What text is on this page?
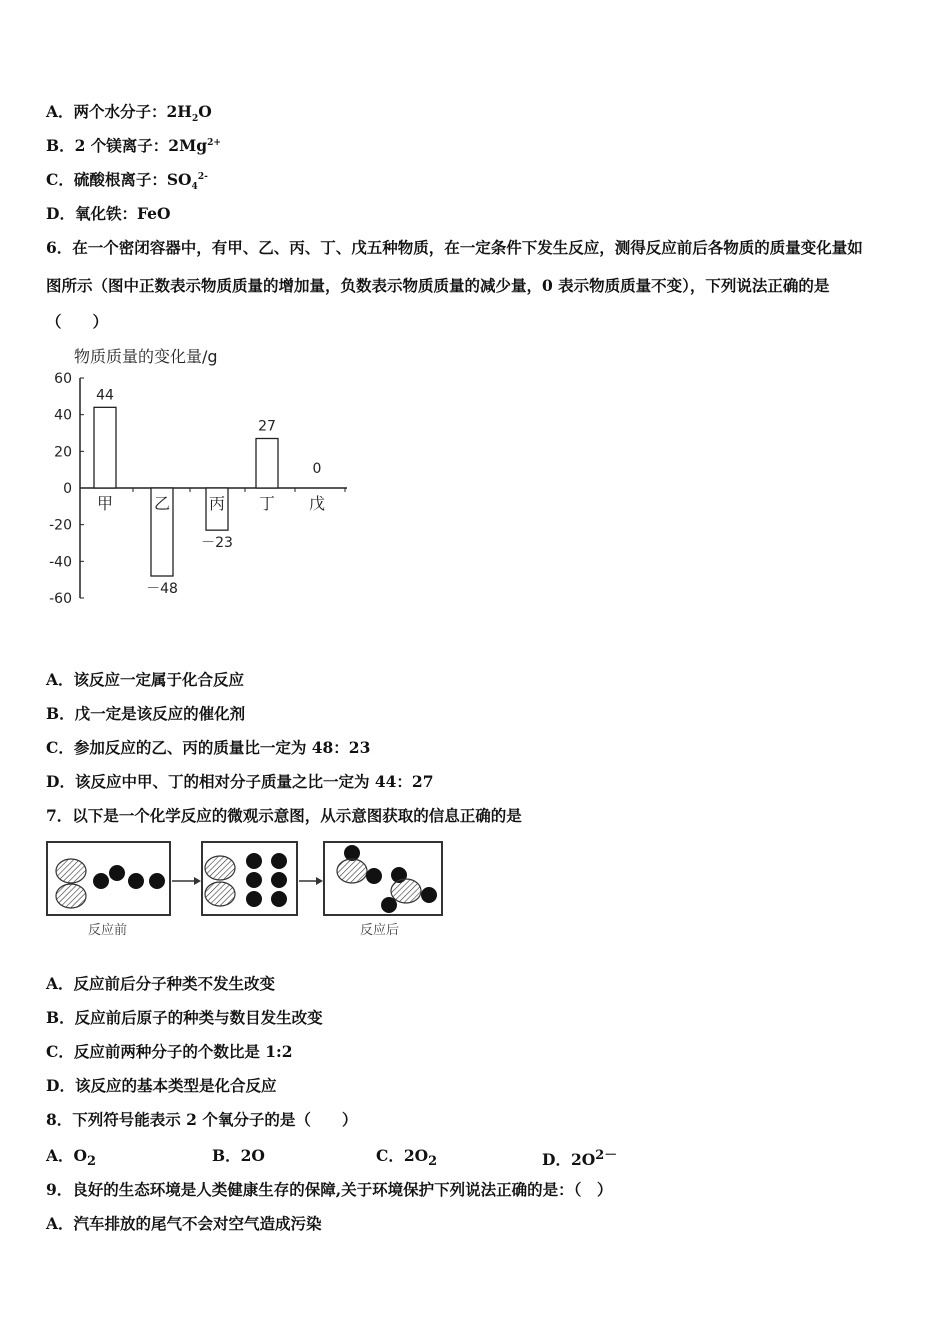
A．两个水分子：$2H_2O$
B．2 个镁离子：$2Mg^{2+}$
C．硫酸根离子：$SO_4^{2-}$
D．氧化铁：FeO
6．在一个密闭容器中，有甲、乙、丙、丁、戊五种物质，在一定条件下发生反应，测得反应前后各物质的质量变化量如
图所示（图中正数表示物质质量的增加量，负数表示物质质量的减少量，0 表示物质质量不变），下列说法正确的是
（　　）
物质质量的变化量/g
60
40
20
0
-20
-40
-60
甲
44
乙
－48
丙
－23
丁
27
戊
0
A．该反应一定属于化合反应
B．戊一定是该反应的催化剂
C．参加反应的乙、丙的质量比一定为 48：23
D．该反应中甲、丁的相对分子质量之比一定为 44：27
7．以下是一个化学反应的微观示意图，从示意图获取的信息正确的是
反应前	反应后
A．反应前后分子种类不发生改变
B．反应前后原子的种类与数目发生改变
C．反应前两种分子的个数比是 1:2
D．该反应的基本类型是化合反应
8．下列符号能表示 2 个氧分子的是（　　）
A．$O_2$	B．2O	C．$2O_2$	D．$2O^{2-}$
9．良好的生态环境是人类健康生存的保障,关于环境保护下列说法正确的是：（　）
A．汽车排放的尾气不会对空气造成污染
